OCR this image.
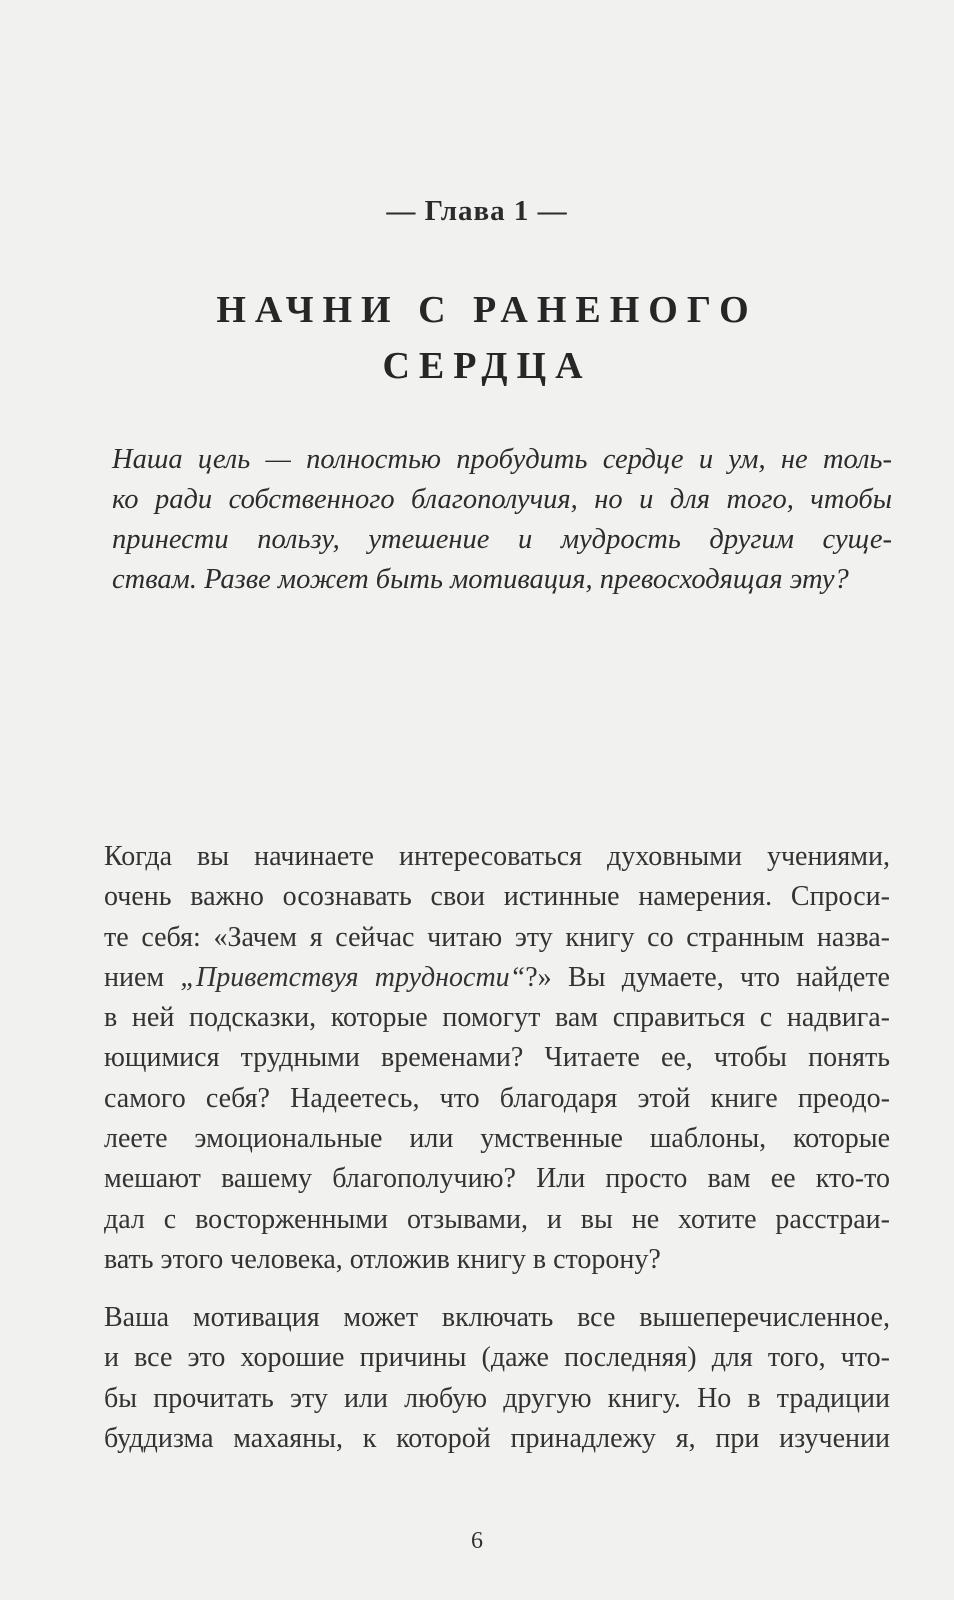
— Глава 1 —
НАЧНИ С РАНЕНОГО
СЕРДЦА
Наша цель — полностью пробудить сердце и ум, не толь-
ко ради собственного благополучия, но и для того, чтобы
принести пользу, утешение и мудрость другим суще-
ствам. Разве может быть мотивация, превосходящая эту?
Когда вы начинаете интересоваться духовными учениями,
очень важно осознавать свои истинные намерения. Спроси-
те себя: «Зачем я сейчас читаю эту книгу со странным назва-
нием „Приветствуя трудности“?» Вы думаете, что найдете
в ней подсказки, которые помогут вам справиться с надвига-
ющимися трудными временами? Читаете ее, чтобы понять
самого себя? Надеетесь, что благодаря этой книге преодо-
леете эмоциональные или умственные шаблоны, которые
мешают вашему благополучию? Или просто вам ее кто-то
дал с восторженными отзывами, и вы не хотите расстраи-
вать этого человека, отложив книгу в сторону?
Ваша мотивация может включать все вышеперечисленное,
и все это хорошие причины (даже последняя) для того, что-
бы прочитать эту или любую другую книгу. Но в традиции
буддизма махаяны, к которой принадлежу я, при изучении
6
